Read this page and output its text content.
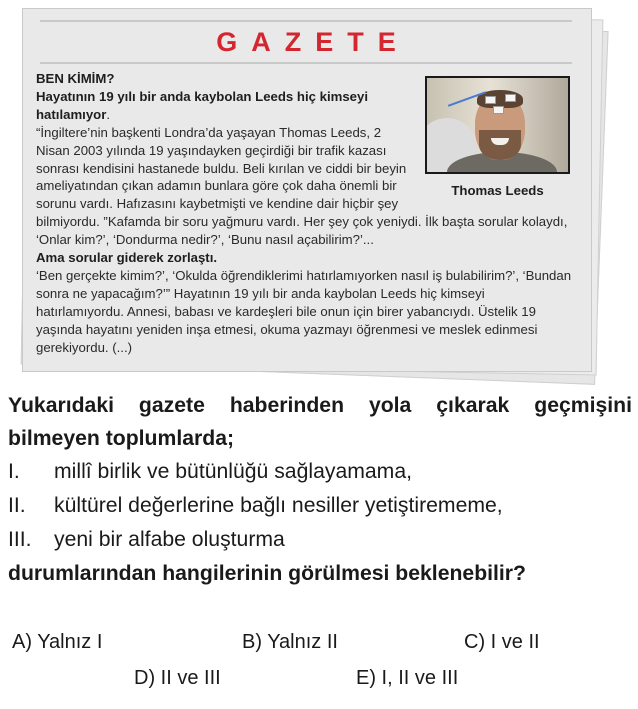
GAZETE
Thomas Leeds

BEN KİMİM?

Hayatının 19 yılı bir anda kaybolan Leeds hiç kimseyi hatılamıyor.

“İngiltere’nin başkenti Londra’da yaşayan Thomas Leeds, 2 Nisan 2003 yılında 19 yaşındayken geçirdiği bir trafik kazası sonrası kendisini hastanede buldu. Beli kırılan ve ciddi bir beyin ameliyatından çıkan adamın bunlara göre çok daha önemli bir sorunu vardı. Hafızasını kaybetmişti ve kendine dair hiçbir şey bilmiyordu. ”Kafamda bir soru yağmuru vardı. Her şey çok yeniydi. İlk başta sorular kolaydı, ‘Onlar kim?’, ‘Dondurma nedir?’, ‘Bunu nasıl açabilirim?’...

Ama sorular giderek zorlaştı.

‘Ben gerçekte kimim?’, ‘Okulda öğrendiklerimi hatırlamıyorken nasıl iş bulabilirim?’, ‘Bundan sonra ne yapacağım?’” Hayatının 19 yılı bir anda kaybolan Leeds hiç kimseyi hatırlamıyordu. Annesi, babası ve kardeşleri bile onun için birer yabancıydı. Üstelik 19 yaşında hayatını yeniden inşa etmesi, okuma yazmayı öğrenmesi ve meslek edinmesi gerekiyordu. (...)

Yukarıdaki gazete haberinden yola çıkarak geçmişini
bilmeyen toplumlarda;
I.	millî birlik ve bütünlüğü sağlayamama,
II.	kültürel değerlerine bağlı nesiller yetiştirememe,
III.	yeni bir alfabe oluşturma
durumlarından hangilerinin görülmesi beklenebilir?
A) Yalnız I	B) Yalnız II	C) I ve II
D) II ve III	E) I, II ve III
